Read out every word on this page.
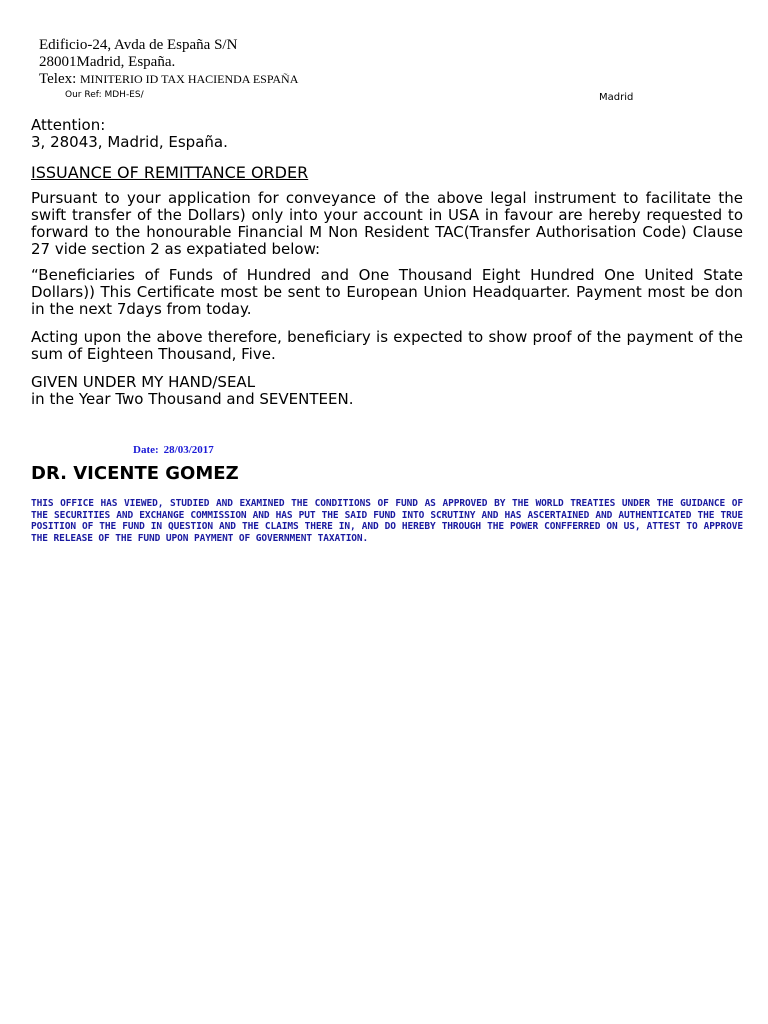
Edificio-24, Avda de España S/N
28001Madrid, España.
Telex: MINITERIO ID TAX HACIENDA ESPAÑA
Our Ref: MDH-ES/	Madrid
Attention:
3, 28043, Madrid, España.
ISSUANCE OF REMITTANCE ORDER
Pursuant to your application for conveyance of the above legal instrument to facilitate the swift transfer of the Dollars) only into your account in USA in favour are hereby requested to forward to the honourable Financial M Non Resident TAC(Transfer Authorisation Code) Clause 27 vide section 2 as expatiated below:
“Beneficiaries of Funds of Hundred and One Thousand Eight Hundred One United State Dollars)) This Certificate most be sent to European Union Headquarter. Payment most be don in the next 7days from today.
Acting upon the above therefore, beneficiary is expected to show proof of the payment of the sum of Eighteen Thousand, Five.
GIVEN UNDER MY HAND/SEAL
in the Year Two Thousand and SEVENTEEN.
Date: 28/03/2017
DR. VICENTE GOMEZ
THIS OFFICE HAS VIEWED, STUDIED AND EXAMINED THE CONDITIONS OF FUND AS APPROVED BY THE WORLD TREATIES UNDER THE GUIDANCE OF THE SECURITIES AND EXCHANGE COMMISSION AND HAS PUT THE SAID FUND INTO SCRUTINY AND HAS ASCERTAINED AND AUTHENTICATED THE TRUE POSITION OF THE FUND IN QUESTION AND THE CLAIMS THERE IN, AND DO HEREBY THROUGH THE POWER CONFFERRED ON US, ATTEST TO APPROVE THE RELEASE OF THE FUND UPON PAYMENT OF GOVERNMENT TAXATION.
